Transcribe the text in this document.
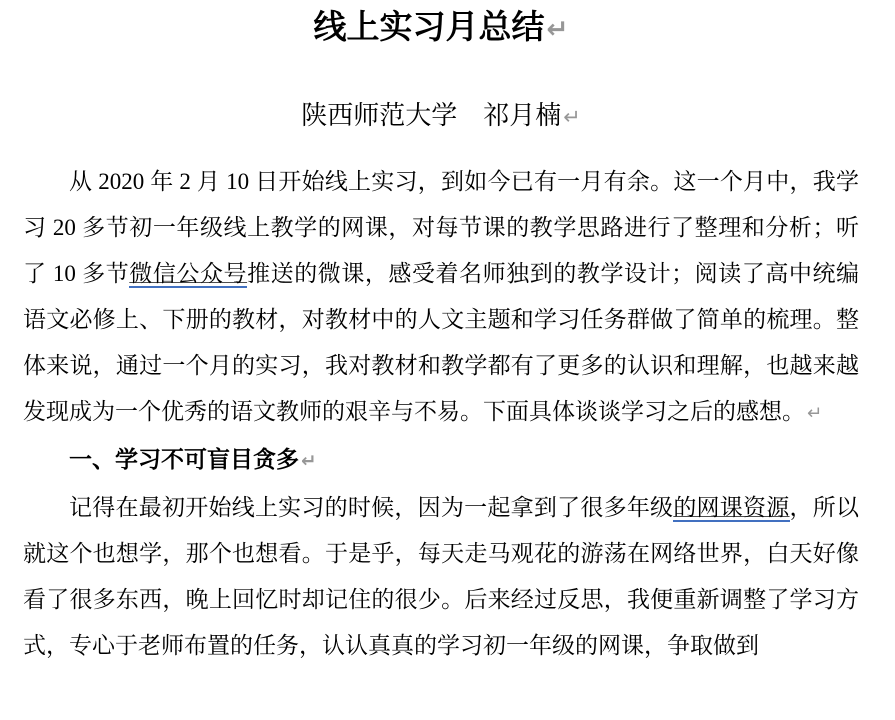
线上实习月总结↵
陕西师范大学　祁月楠↵

从 2020 年 2 月 10 日开始线上实习，到如今已有一月有余。这一个月中，我学习 20 多节初一年级线上教学的网课，对每节课的教学思路进行了整理和分析；听了 10 多节微信公众号推送的微课，感受着名师独到的教学设计；阅读了高中统编语文必修上、下册的教材，对教材中的人文主题和学习任务群做了简单的梳理。整体来说，通过一个月的实习，我对教材和教学都有了更多的认识和理解，也越来越发现成为一个优秀的语文教师的艰辛与不易。下面具体谈谈学习之后的感想。 ↵

一、学习不可盲目贪多 ↵

记得在最初开始线上实习的时候，因为一起拿到了很多年级的网课资源，所以就这个也想学，那个也想看。于是乎，每天走马观花的游荡在网络世界，白天好像看了很多东西，晚上回忆时却记住的很少。后来经过反思，我便重新调整了学习方式，专心于老师布置的任务，认认真真的学习初一年级的网课，争取做到
